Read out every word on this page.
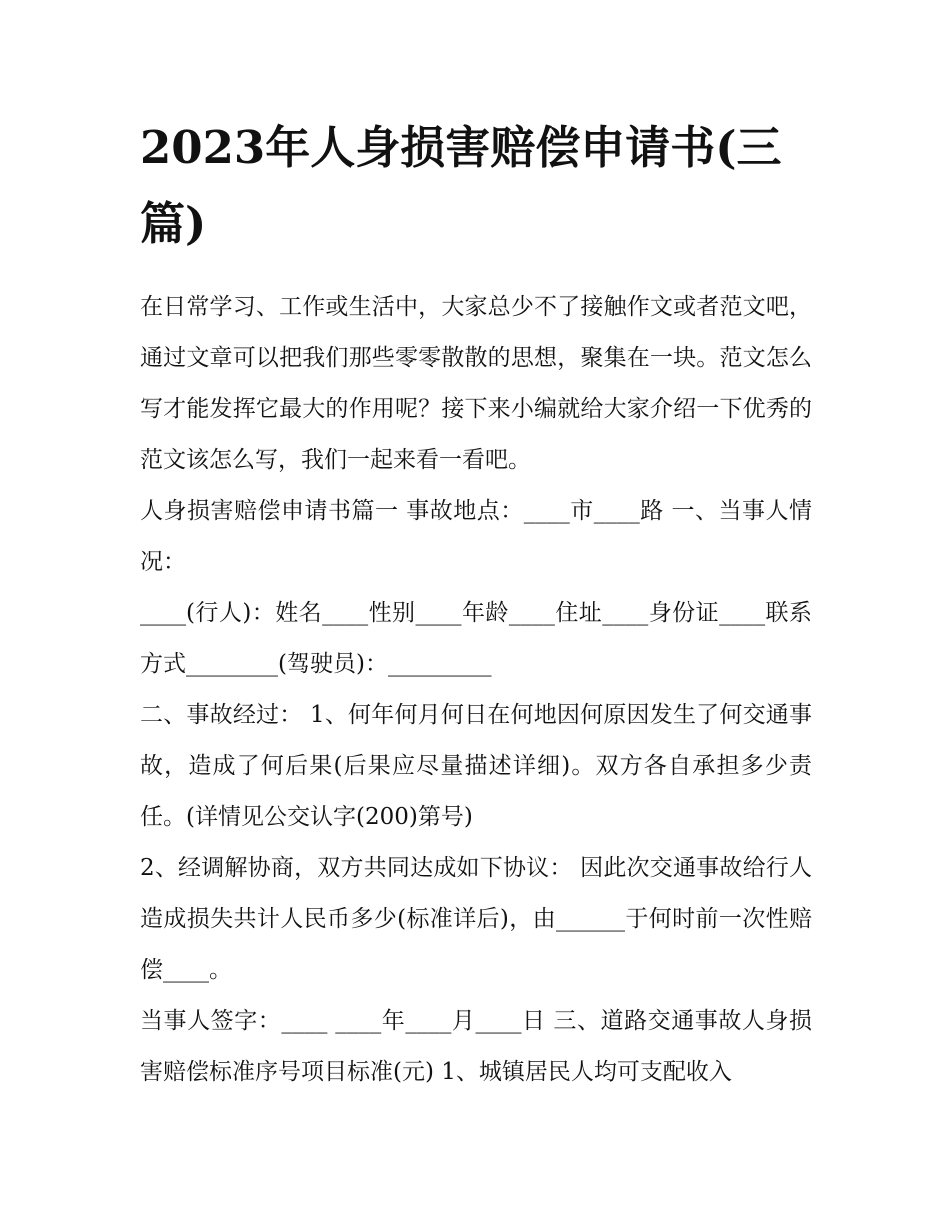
2023年人身损害赔偿申请书(三篇)

在日常学习、工作或生活中，大家总少不了接触作文或者范文吧，通过文章可以把我们那些零零散散的思想，聚集在一块。范文怎么写才能发挥它最大的作用呢？接下来小编就给大家介绍一下优秀的范文该怎么写，我们一起来看一看吧。

人身损害赔偿申请书篇一 事故地点：____市____路 一、当事人情况：

____(行人)：姓名____性别____年龄____住址____身份证____联系方式________(驾驶员)：_________

二、事故经过： 1、何年何月何日在何地因何原因发生了何交通事故，造成了何后果(后果应尽量描述详细)。双方各自承担多少责任。(详情见公交认字(200)第号)

2、经调解协商，双方共同达成如下协议： 因此次交通事故给行人造成损失共计人民币多少(标准详后)，由______于何时前一次性赔偿____。

当事人签字：____ ____年____月____日 三、道路交通事故人身损害赔偿标准序号项目标准(元) 1、城镇居民人均可支配收入
